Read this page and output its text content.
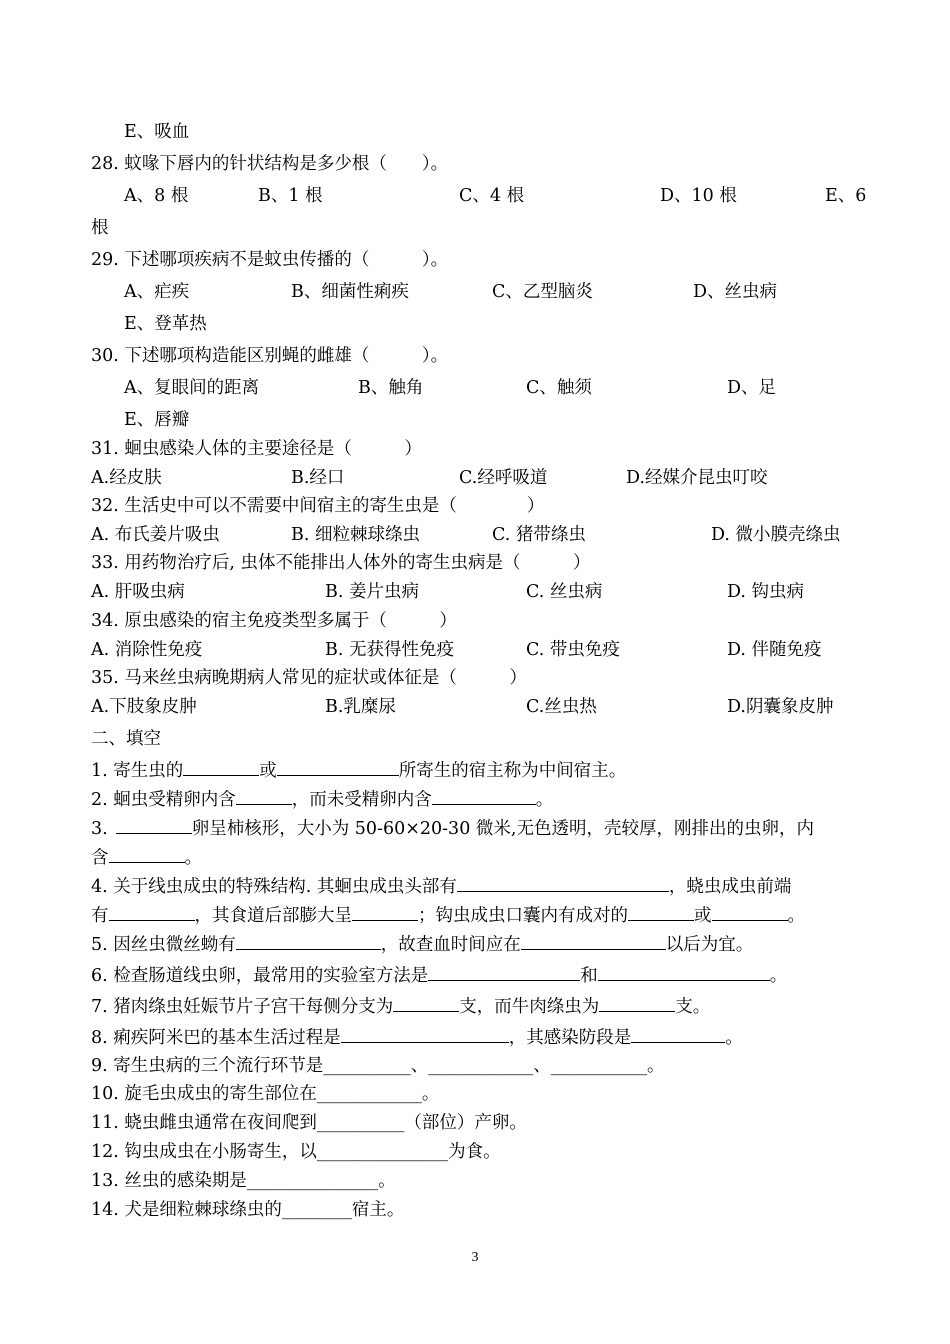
E、吸血
28. 蚊喙下唇内的针状结构是多少根（　　）。
A、8 根	B、1 根	C、4 根	D、10 根	E、6
根
29. 下述哪项疾病不是蚊虫传播的（　　　）。
A、疟疾	B、细菌性痢疾	C、乙型脑炎	D、丝虫病
E、登革热
30. 下述哪项构造能区别蝇的雌雄（　　　）。
A、复眼间的距离	B、触角	C、触须	D、足
E、唇瓣
31. 蛔虫感染人体的主要途径是（　　　）
A.经皮肤	B.经口	C.经呼吸道	D.经媒介昆虫叮咬
32. 生活史中可以不需要中间宿主的寄生虫是（　　　　）
A. 布氏姜片吸虫	B. 细粒棘球绦虫	C. 猪带绦虫	D. 微小膜壳绦虫
33. 用药物治疗后, 虫体不能排出人体外的寄生虫病是（　　　）
A. 肝吸虫病	B. 姜片虫病	C. 丝虫病	D. 钩虫病
34. 原虫感染的宿主免疫类型多属于（　　　）
A. 消除性免疫	B. 无获得性免疫	C. 带虫免疫	D. 伴随免疫
35. 马来丝虫病晚期病人常见的症状或体征是（　　　）
A.下肢象皮肿	B.乳糜尿	C.丝虫热	D.阴囊象皮肿
二、填空
1. 寄生虫的	或	所寄生的宿主称为中间宿主。
2. 蛔虫受精卵内含	，而未受精卵内含	。
3.	卵呈柿核形，大小为 50-60×20-30 微米,无色透明，壳较厚，刚排出的虫卵，内
含	。
4. 关于线虫成虫的特殊结构. 其蛔虫成虫头部有	，蛲虫成虫前端
有	，其食道后部膨大呈	；钩虫成虫口囊内有成对的	或	。
5. 因丝虫微丝蚴有	，故查血时间应在	以后为宜。
6. 检查肠道线虫卵，最常用的实验室方法是	和	。
7. 猪肉绦虫妊娠节片子宫干每侧分支为	支，而牛肉绦虫为	支。
8. 痢疾阿米巴的基本生活过程是	，其感染防段是	。
9. 寄生虫病的三个流行环节是__________、____________、___________。
10. 旋毛虫成虫的寄生部位在____________。
11. 蛲虫雌虫通常在夜间爬到__________（部位）产卵。
12. 钩虫成虫在小肠寄生，以_______________为食。
13. 丝虫的感染期是_______________。
14. 犬是细粒棘球绦虫的________宿主。
3
